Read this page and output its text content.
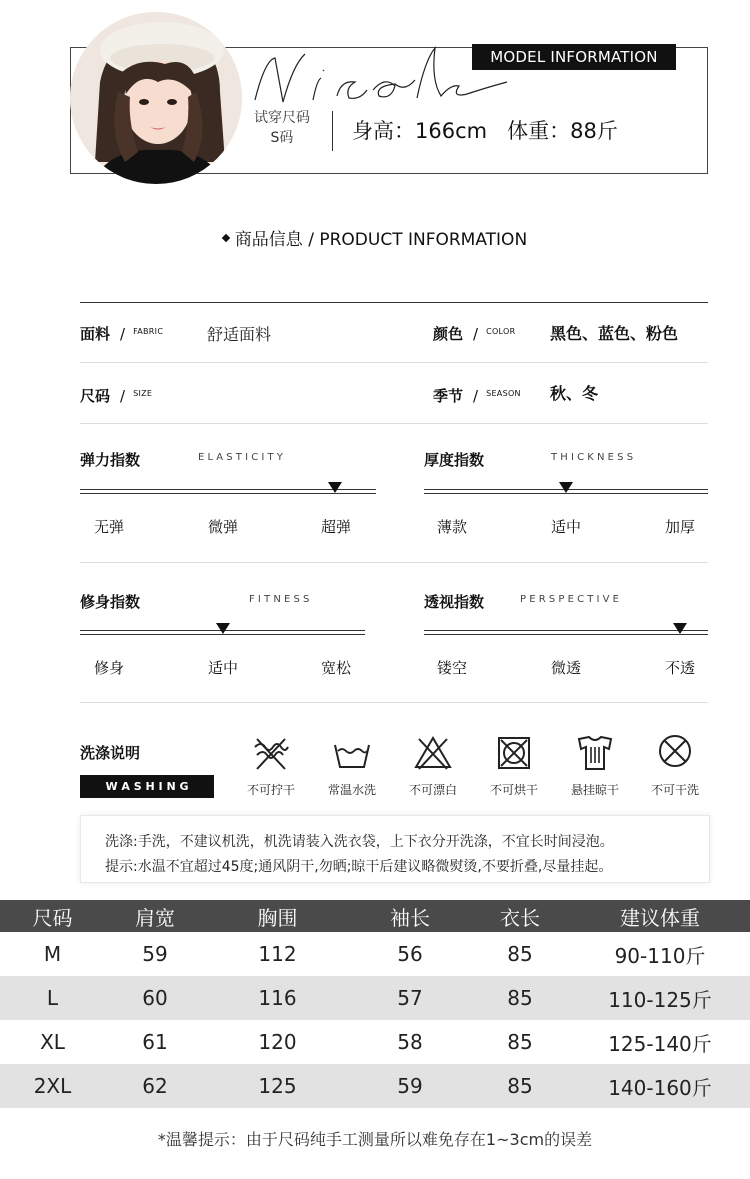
Nicole
MODEL INFORMATION
试穿尺码
S码	身高：166cm   体重：88斤
商品信息 / PRODUCT INFORMATION
面料 / $^{FABRIC}$	舒适面料	颜色 / $^{COLOR}$ 黑色、蓝色、粉色
尺码 / $^{SIZE}$	季节 / $^{SEASON}$ 秋、冬
弹力指数	E L A S T I C I T Y
无弹	微弹	超弹
厚度指数	T H I C K N E S S
薄款	适中	加厚
修身指数	F I T N E S S
修身	适中	宽松
透视指数	P E R S P E C T I V E
镂空	微透	不透
洗涤说明
W A S H I N G	不可拧干	常温水洗	不可漂白	不可烘干	悬挂晾干	不可干洗
洗涤:手洗，不建议机洗，机洗请装入洗衣袋，上下衣分开洗涤，不宜长时间浸泡。
提示:水温不宜超过45度;通风阴干,勿晒;晾干后建议略微熨烫,不要折叠,尽量挂起。
尺码	肩宽	胸围	袖长	衣长	建议体重
M	59	112	56	85	90-110斤
L	60	116	57	85	110-125斤
XL	61	120	58	85	125-140斤
2XL	62	125	59	85	140-160斤
*温馨提示：由于尺码纯手工测量所以难免存在1~3cm的误差
